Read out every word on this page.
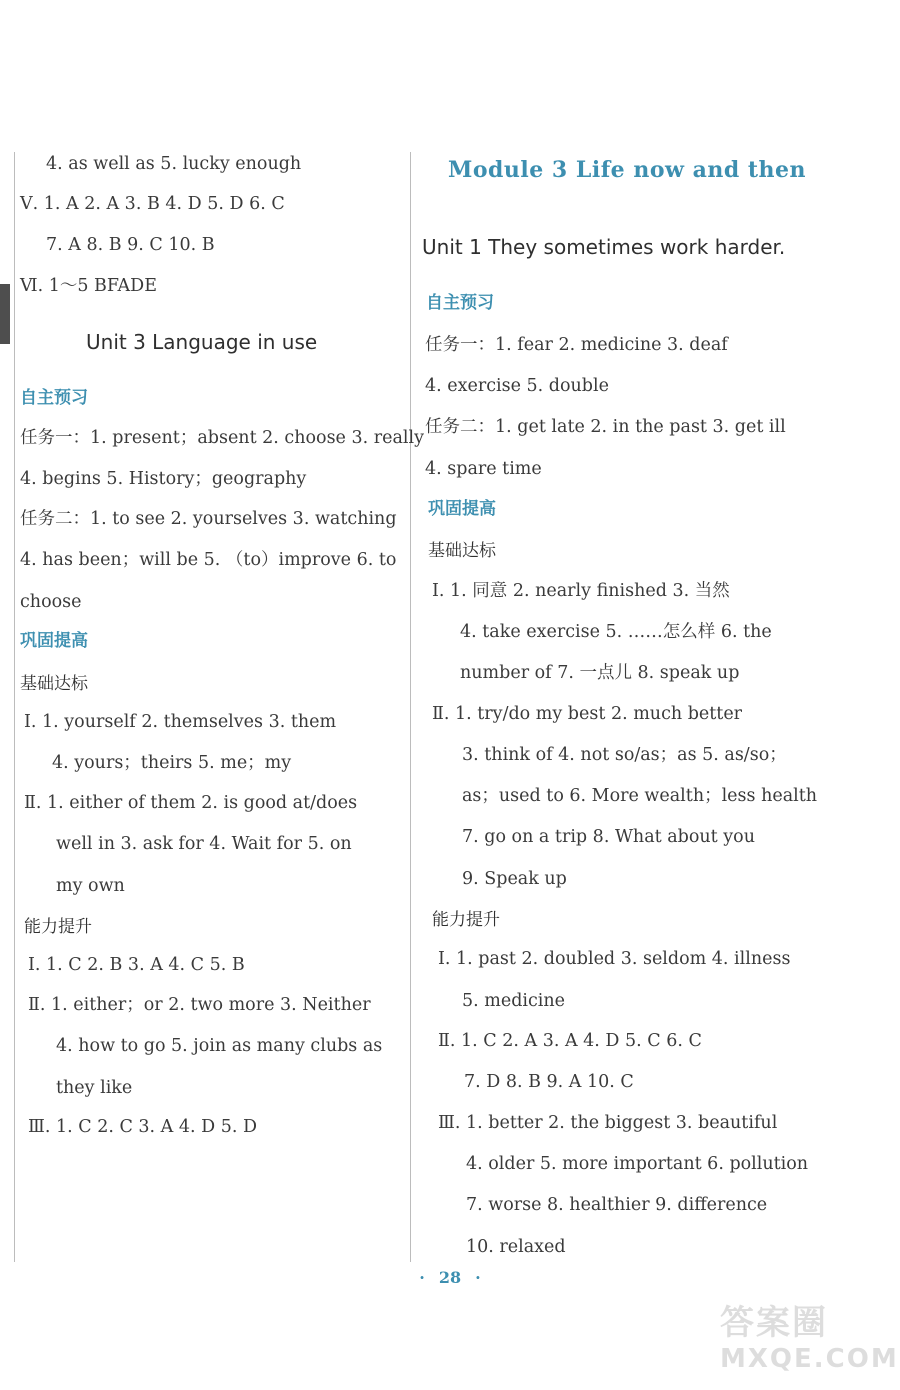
4. as well as 5. lucky enough
Ⅴ. 1. A 2. A 3. B 4. D 5. D 6. C
7. A 8. B 9. C 10. B
Ⅵ. 1～5 BFADE
Unit 3 Language in use
自主预习
任务一：1. present；absent 2. choose 3. really
4. begins 5. History；geography
任务二：1. to see 2. yourselves 3. watching
4. has been；will be 5. （to）improve 6. to
choose
巩固提高
基础达标
Ⅰ. 1. yourself 2. themselves 3. them
4. yours；theirs 5. me；my
Ⅱ. 1. either of them 2. is good at/does
well in 3. ask for 4. Wait for 5. on
my own
能力提升
Ⅰ. 1. C 2. B 3. A 4. C 5. B
Ⅱ. 1. either；or 2. two more 3. Neither
4. how to go 5. join as many clubs as
they like
Ⅲ. 1. C 2. C 3. A 4. D 5. D
Module 3 Life now and then
Unit 1 They sometimes work harder.
自主预习
任务一：1. fear 2. medicine 3. deaf
4. exercise 5. double
任务二：1. get late 2. in the past 3. get ill
4. spare time
巩固提高
基础达标
Ⅰ. 1. 同意 2. nearly finished 3. 当然
4. take exercise 5. ……怎么样 6. the
number of 7. 一点儿 8. speak up
Ⅱ. 1. try/do my best 2. much better
3. think of 4. not so/as；as 5. as/so；
as；used to 6. More wealth；less health
7. go on a trip 8. What about you
9. Speak up
能力提升
Ⅰ. 1. past 2. doubled 3. seldom 4. illness
5. medicine
Ⅱ. 1. C 2. A 3. A 4. D 5. C 6. C
7. D 8. B 9. A 10. C
Ⅲ. 1. better 2. the biggest 3. beautiful
4. older 5. more important 6. pollution
7. worse 8. healthier 9. difference
10. relaxed
· 28 ·
答案圈
MXQE.COM
